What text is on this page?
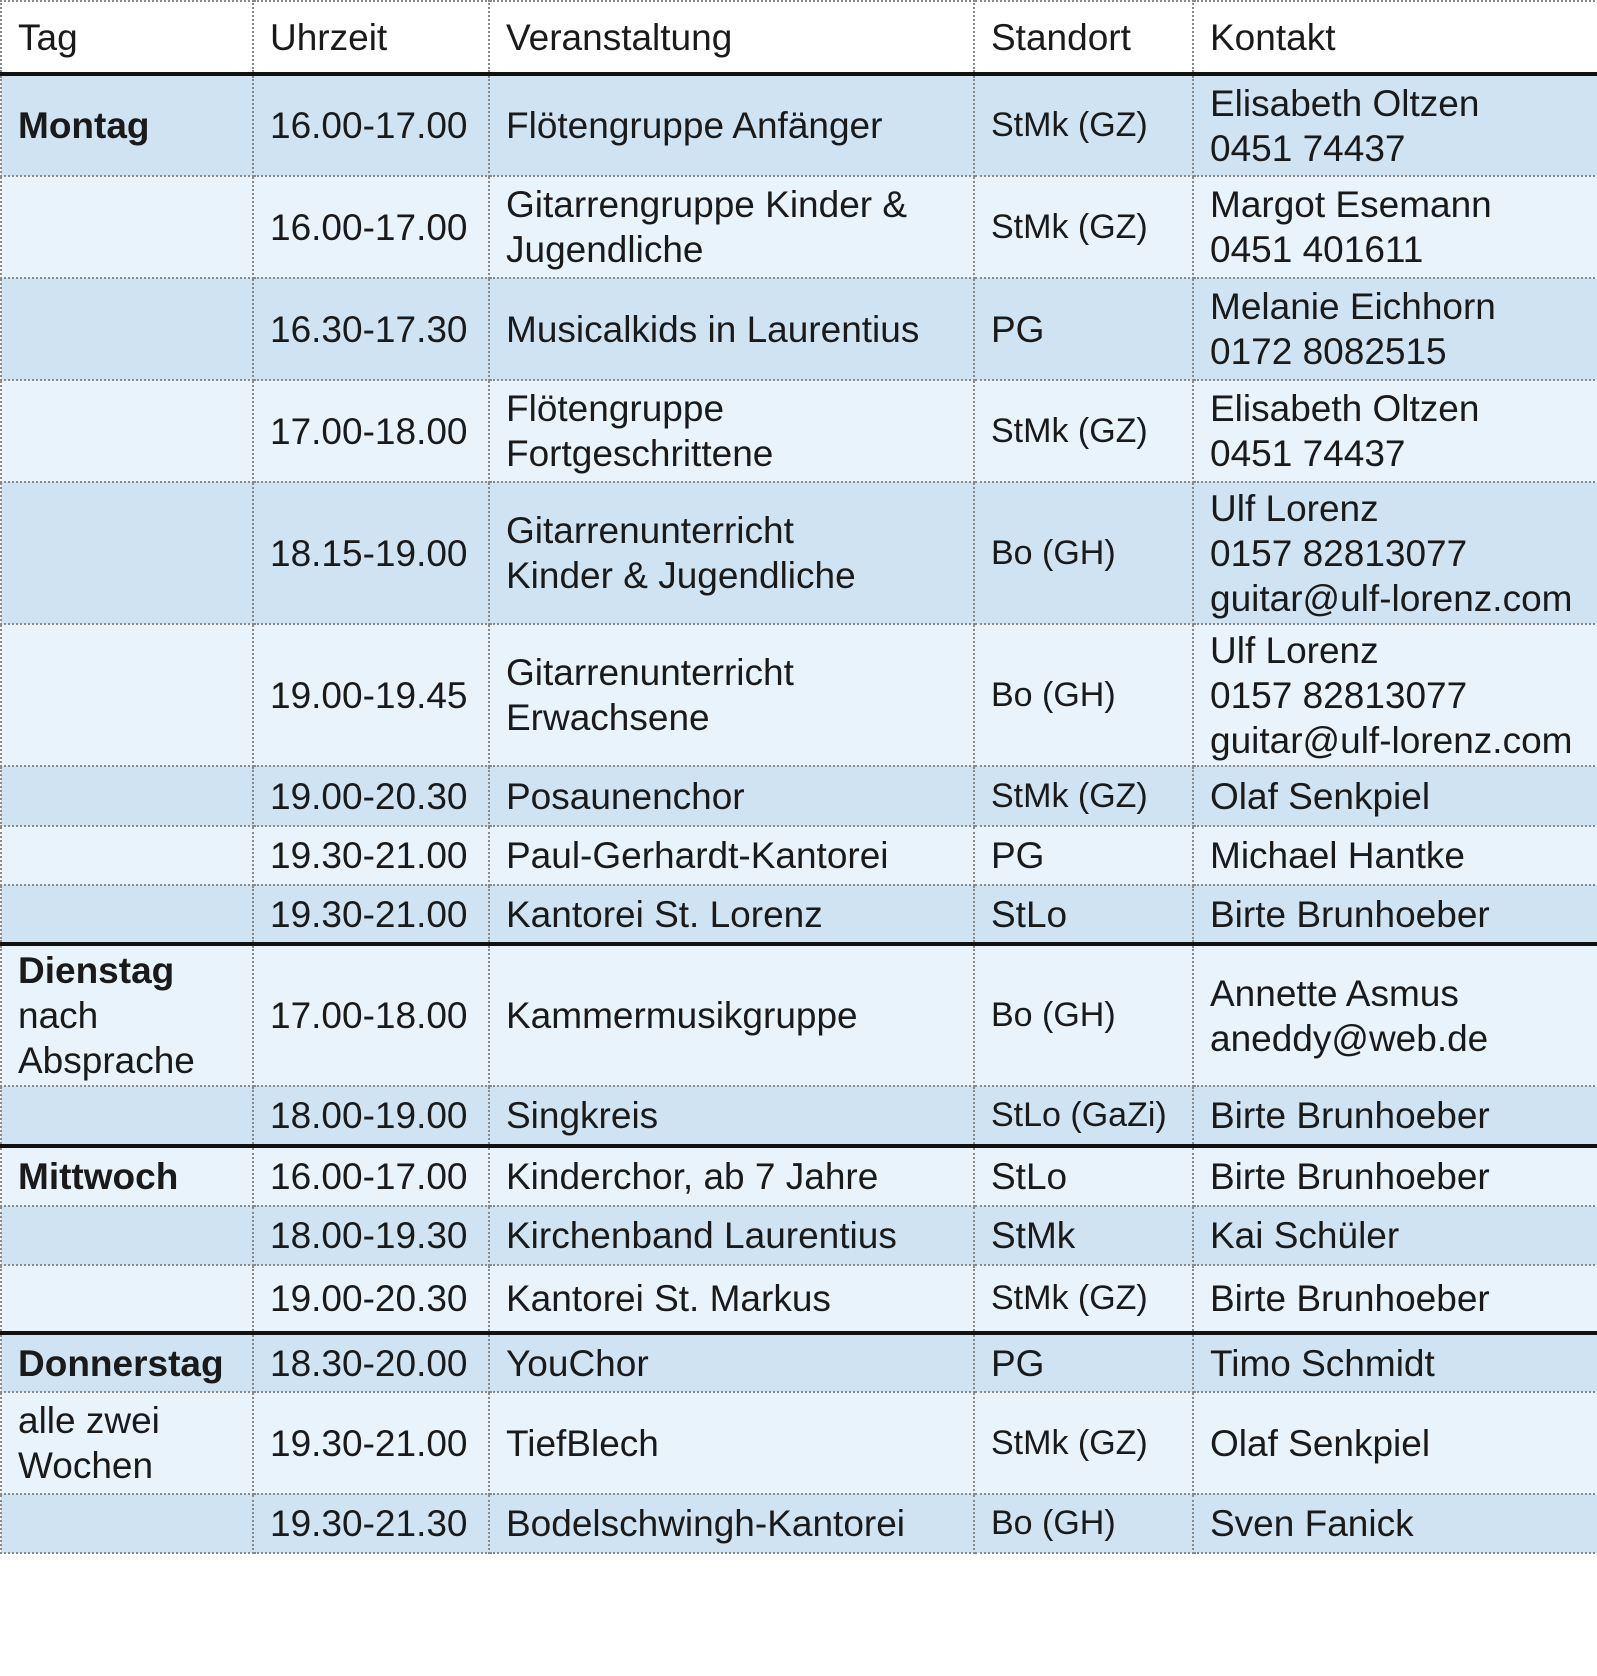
Tag	Uhrzeit	Veranstaltung	Standort	Kontakt
Montag	16.00-17.00	Flötengruppe Anfänger	StMk (GZ)	Elisabeth Oltzen
0451 74437
	16.00-17.00	Gitarrengruppe Kinder &
Jugendliche	StMk (GZ)	Margot Esemann
0451 401611
	16.30-17.30	Musicalkids in Laurentius	PG	Melanie Eichhorn
0172 8082515
	17.00-18.00	Flötengruppe
Fortgeschrittene	StMk (GZ)	Elisabeth Oltzen
0451 74437
	18.15-19.00	Gitarrenunterricht
Kinder & Jugendliche	Bo (GH)	Ulf Lorenz
0157 82813077
guitar@ulf-lorenz.com
	19.00-19.45	Gitarrenunterricht
Erwachsene	Bo (GH)	Ulf Lorenz
0157 82813077
guitar@ulf-lorenz.com
	19.00-20.30	Posaunenchor	StMk (GZ)	Olaf Senkpiel
	19.30-21.00	Paul-Gerhardt-Kantorei	PG	Michael Hantke
	19.30-21.00	Kantorei St. Lorenz	StLo	Birte Brunhoeber
Dienstag
nach
Absprache	17.00-18.00	Kammermusikgruppe	Bo (GH)	Annette Asmus
aneddy@web.de
	18.00-19.00	Singkreis	StLo (GaZi)	Birte Brunhoeber
Mittwoch	16.00-17.00	Kinderchor, ab 7 Jahre	StLo	Birte Brunhoeber
	18.00-19.30	Kirchenband Laurentius	StMk	Kai Schüler
	19.00-20.30	Kantorei St. Markus	StMk (GZ)	Birte Brunhoeber
Donnerstag	18.30-20.00	YouChor	PG	Timo Schmidt
alle zwei
Wochen	19.30-21.00	TiefBlech	StMk (GZ)	Olaf Senkpiel
	19.30-21.30	Bodelschwingh-Kantorei	Bo (GH)	Sven Fanick
